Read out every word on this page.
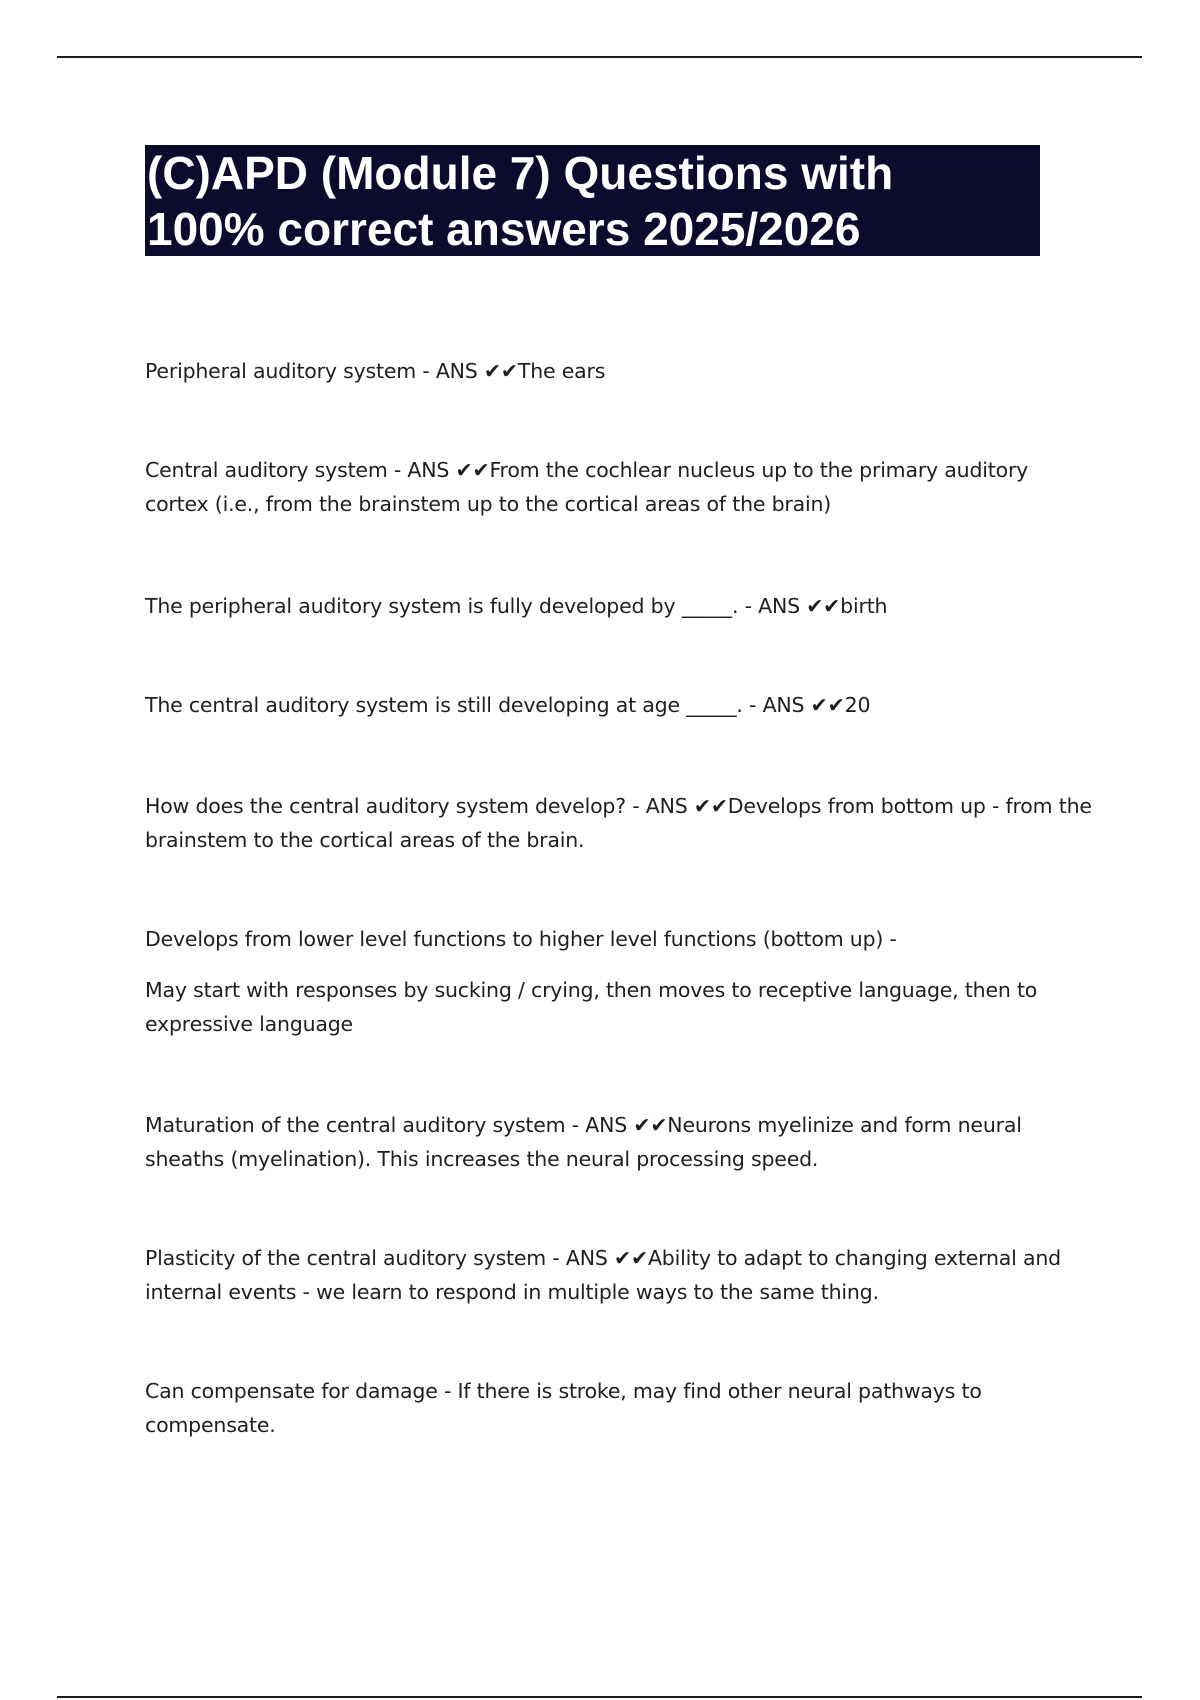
(C)APD (Module 7) Questions with
100% correct answers 2025/2026

Peripheral auditory system - ANS ✔✔The ears

Central auditory system - ANS ✔✔From the cochlear nucleus up to the primary auditory cortex (i.e., from the brainstem up to the cortical areas of the brain)

The peripheral auditory system is fully developed by _____. - ANS ✔✔birth

The central auditory system is still developing at age _____. - ANS ✔✔20

How does the central auditory system develop? - ANS ✔✔Develops from bottom up - from the brainstem to the cortical areas of the brain.

Develops from lower level functions to higher level functions (bottom up) -

May start with responses by sucking / crying, then moves to receptive language, then to expressive language

Maturation of the central auditory system - ANS ✔✔Neurons myelinize and form neural sheaths (myelination). This increases the neural processing speed.

Plasticity of the central auditory system - ANS ✔✔Ability to adapt to changing external and internal events - we learn to respond in multiple ways to the same thing.

Can compensate for damage - If there is stroke, may find other neural pathways to compensate.
